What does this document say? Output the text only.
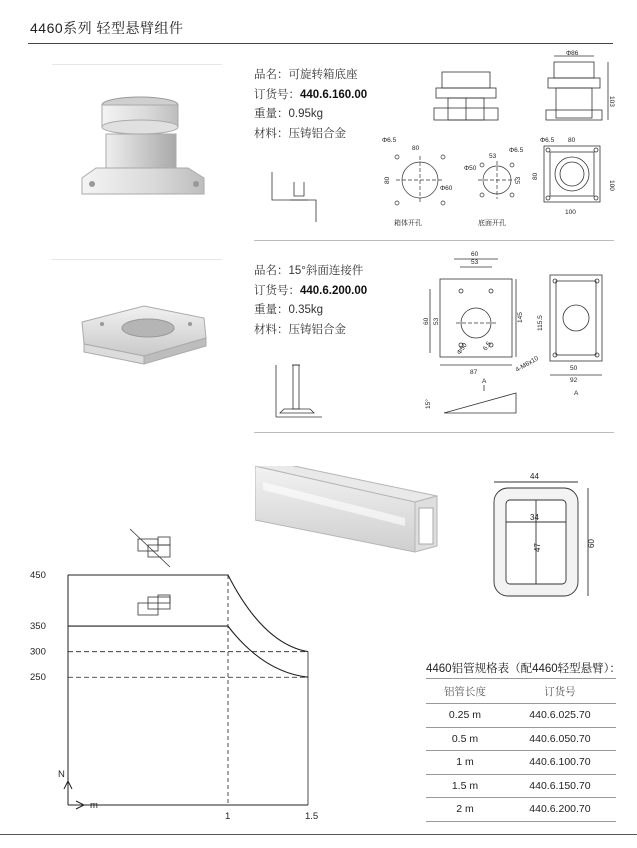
4460系列 轻型悬臂组件
品名：可旋转箱底座
订货号：440.6.160.00
重量：0.95kg
材料：压铸铝合金
Φ86
103
80
Φ6.5
80
Φ60
箱体开孔
53
Φ50
Φ6.5
53
底面开孔
Φ6.5 80
80
100
100
品名：15°斜面连接件
订货号：440.6.200.00
重量：0.35kg
材料：压铸铝合金
60
53
60 53	145
Φ50 6.5
87
115.5
4-M6x10	50
92
A
A
15°
44
34
47	60
N
m
450
350
300
250
1	1.5
4460铝管规格表（配4460轻型悬臂）：
铝管长度	订货号
0.25 m	440.6.025.70
0.5 m	440.6.050.70
1 m	440.6.100.70
1.5 m	440.6.150.70
2 m	440.6.200.70
